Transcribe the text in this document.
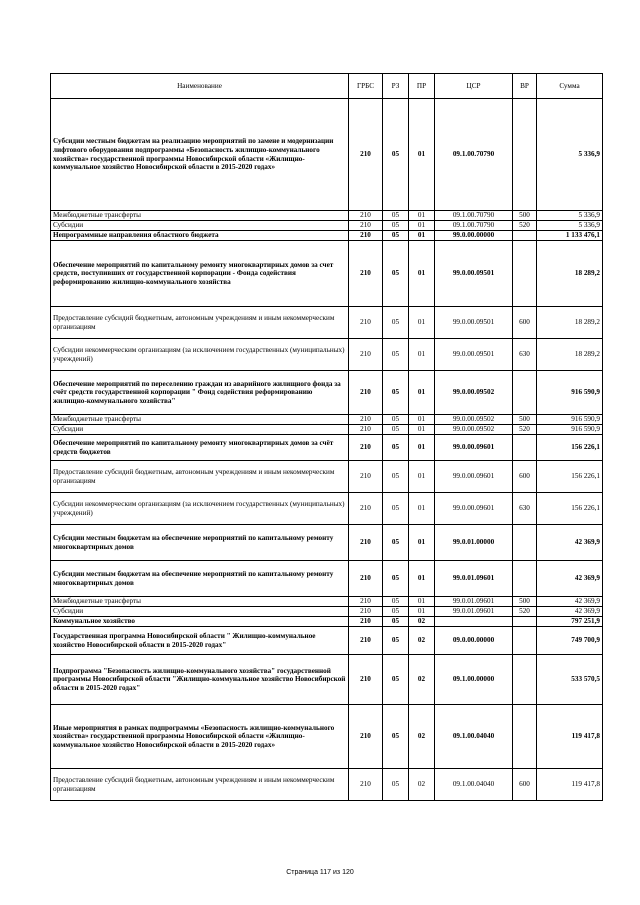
Наименование	ГРБС	РЗ	ПР	ЦСР	ВР	Сумма
Субсидии местным бюджетам на реализацию мероприятий по замене и модернизации лифтового оборудования подпрограммы «Безопасность жилищно-коммунального хозяйства» государственной программы Новосибирской области «Жилищно-коммунальное хозяйство Новосибирской области в 2015-2020 годах»	210	05	01	09.1.00.70790		5 336,9
Межбюджетные трансферты	210	05	01	09.1.00.70790	500	5 336,9
Субсидии	210	05	01	09.1.00.70790	520	5 336,9
Непрограммные направления областного бюджета	210	05	01	99.0.00.00000		1 133 476,1
Обеспечение мероприятий по капитальному ремонту многоквартирных домов за счет средств, поступивших от государственной корпорации - Фонда содействия реформированию жилищно-коммунального хозяйства	210	05	01	99.0.00.09501		18 289,2
Предоставление субсидий бюджетным, автономным учреждениям и иным некоммерческим организациям	210	05	01	99.0.00.09501	600	18 289,2
Субсидии некоммерческим организациям (за исключением государственных (муниципальных) учреждений)	210	05	01	99.0.00.09501	630	18 289,2
Обеспечение мероприятий по переселению граждан из аварийного жилищного фонда за счёт средств государственной корпорации " Фонд содействия реформированию жилищно-коммунального хозяйства"	210	05	01	99.0.00.09502		916 590,9
Межбюджетные трансферты	210	05	01	99.0.00.09502	500	916 590,9
Субсидии	210	05	01	99.0.00.09502	520	916 590,9
Обеспечение мероприятий по капитальному ремонту многоквартирных домов за счёт средств бюджетов	210	05	01	99.0.00.09601		156 226,1
Предоставление субсидий бюджетным, автономным учреждениям и иным некоммерческим организациям	210	05	01	99.0.00.09601	600	156 226,1
Субсидии некоммерческим организациям (за исключением государственных (муниципальных) учреждений)	210	05	01	99.0.00.09601	630	156 226,1
Субсидии местным бюджетам на обеспечение мероприятий по капитальному ремонту многоквартирных домов	210	05	01	99.0.01.00000		42 369,9
Субсидии местным бюджетам на обеспечение мероприятий по капитальному ремонту многоквартирных домов	210	05	01	99.0.01.09601		42 369,9
Межбюджетные трансферты	210	05	01	99.0.01.09601	500	42 369,9
Субсидии	210	05	01	99.0.01.09601	520	42 369,9
Коммунальное хозяйство	210	05	02			797 251,9
Государственная программа Новосибирской области " Жилищно-коммунальное хозяйство Новосибирской области в 2015-2020 годах"	210	05	02	09.0.00.00000		749 700,9
Подпрограмма "Безопасность жилищно-коммунального хозяйства" государственной программы Новосибирской области "Жилищно-коммунальное хозяйство Новосибирской области в 2015-2020 годах"	210	05	02	09.1.00.00000		533 570,5
Иные мероприятия в рамках подпрограммы «Безопасность жилищно-коммунального хозяйства» государственной программы Новосибирской области «Жилищно-коммунальное хозяйство Новосибирской области в 2015-2020 годах»	210	05	02	09.1.00.04040		119 417,8
Предоставление субсидий бюджетным, автономным учреждениям и иным некоммерческим организациям	210	05	02	09.1.00.04040	600	119 417,8
Страница 117 из 120
